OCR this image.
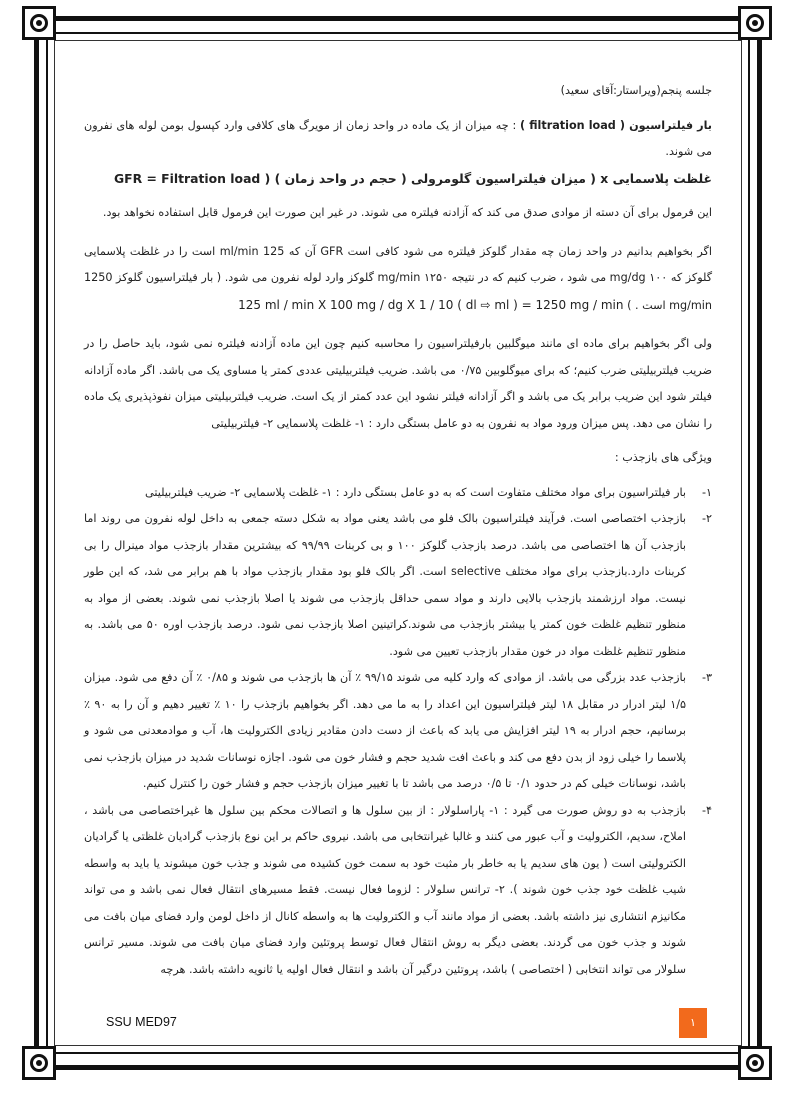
جلسه پنجم(ویراستار:آقای سعید)

بار فیلتراسیون ( filtration load ) : چه میزان از یک ماده در واحد زمان از مویرگ های کلافی وارد کپسول بومن لوله های نفرون می شوند.

غلظت پلاسمایی x ( میزان فیلتراسیون گلومرولی ( حجم در واحد زمان ) ( GFR = Filtration load

این فرمول برای آن دسته از موادی صدق می کند که آزادنه فیلتره می شوند. در غیر این صورت این فرمول قابل استفاده نخواهد بود.

اگر بخواهیم بدانیم در واحد زمان چه مقدار گلوکز فیلتره می شود کافی است GFR آن که 125 ml/min است را در غلظت پلاسمایی گلوکز که ۱۰۰ mg/dg می شود ، ضرب کنیم که در نتیجه ۱۲۵۰ mg/min گلوکز وارد لوله نفرون می شود. ( بار فیلتراسیون گلوکز 1250 mg/min است . ) 125 ml / min X 100 mg / dg X 1 / 10 ( dl ⇨ ml ) = 1250 mg / min

ولی اگر بخواهیم برای ماده ای مانند میوگلبین بارفیلتراسیون را محاسبه کنیم چون این ماده آزادنه فیلتره نمی شود، باید حاصل را در ضریب فیلتربیلیتی ضرب کنیم؛ که برای میوگلوبین ۰/۷۵ می باشد. ضریب فیلتربیلیتی عددی کمتر یا مساوی یک می باشد. اگر ماده آزادانه فیلتر شود این ضریب برابر یک می باشد و اگر آزادانه فیلتر نشود این عدد کمتر از یک است. ضریب فیلتربیلیتی میزان نفوذپذیری یک ماده را نشان می دهد. پس میزان ورود مواد به نفرون به دو عامل بستگی دارد : ۱- غلظت پلاسمایی ۲- فیلتربیلیتی

ویژگی های بازجذب :

۱-
بار فیلتراسیون برای مواد مختلف متفاوت است که به دو عامل بستگی دارد : ۱- غلظت پلاسمایی ۲- ضریب فیلتربیلیتی
۲-
بازجذب اختصاصی است. فرآیند فیلتراسیون بالک فلو می باشد یعنی مواد به شکل دسته جمعی به داخل لوله نفرون می روند اما بازجذب آن ها اختصاصی می باشد. درصد بازجذب گلوکز ۱۰۰ و بی کربنات ۹۹/۹۹ که بیشترین مقدار بازجذب مواد مینرال را بی کربنات دارد.بازجذب برای مواد مختلف selective است. اگر بالک فلو بود مقدار بازجذب مواد با هم برابر می شد، که این طور نیست. مواد ارزشمند بازجذب بالایی دارند و مواد سمی حداقل بازجذب می شوند یا اصلا بازجذب نمی شوند. بعضی از مواد به منظور تنظیم غلظت خون کمتر یا بیشتر بازجذب می شوند.کراتینین اصلا بازجذب نمی شود. درصد بازجذب اوره ۵۰ می باشد. به منظور تنظیم غلظت مواد در خون مقدار بازجذب تعیین می شود.
۳-
بازجذب عدد بزرگی می باشد. از موادی که وارد کلیه می شوند ۹۹/۱۵ ٪ آن ها بازجذب می شوند و ۰/۸۵ ٪ آن دفع می شود. میزان ۱/۵ لیتر ادرار در مقابل ۱۸ لیتر فیلتراسیون این اعداد را به ما می دهد. اگر بخواهیم بازجذب را ۱۰ ٪ تغییر دهیم و آن را به ۹۰ ٪ برسانیم، حجم ادرار به ۱۹ لیتر افزایش می یابد که باعث از دست دادن مقادیر زیادی الکترولیت ها، آب و موادمعدنی می شود و پلاسما را خیلی زود از بدن دفع می کند و باعث افت شدید حجم و فشار خون می شود. اجازه نوسانات شدید در میزان بازجذب نمی باشد، نوسانات خیلی کم در حدود ۰/۱ تا ۰/۵ درصد می باشد تا با تغییر میزان بازجذب حجم و فشار خون را کنترل کنیم.
۴-
بازجذب به دو روش صورت می گیرد : ۱- پاراسلولار : از بین سلول ها و اتصالات محکم بین سلول ها غیراختصاصی می باشد ، املاح، سدیم، الکترولیت و آب عبور می کنند و غالبا غیرانتخابی می باشد. نیروی حاکم بر این نوع بازجذب گرادیان غلظتی یا گرادیان الکترولیتی است ( یون های سدیم یا به خاطر بار مثبت خود به سمت خون کشیده می شوند و جذب خون میشوند یا باید به واسطه شیب غلظت خود جذب خون شوند ). ۲- ترانس سلولار : لزوما فعال نیست. فقط مسیرهای انتقال فعال نمی باشد و می تواند مکانیزم انتشاری نیز داشته باشد. بعضی از مواد مانند آب و الکترولیت ها به واسطه کانال از داخل لومن وارد فضای میان بافت می شوند و جذب خون می گردند. بعضی دیگر به روش انتقال فعال توسط پروتئین وارد فضای میان بافت می شوند. مسیر ترانس سلولار می تواند انتخابی ( اختصاصی ) باشد، پروتئین درگیر آن باشد و انتقال فعال اولیه یا ثانویه داشته باشد. هرچه
SSU MED97	۱
